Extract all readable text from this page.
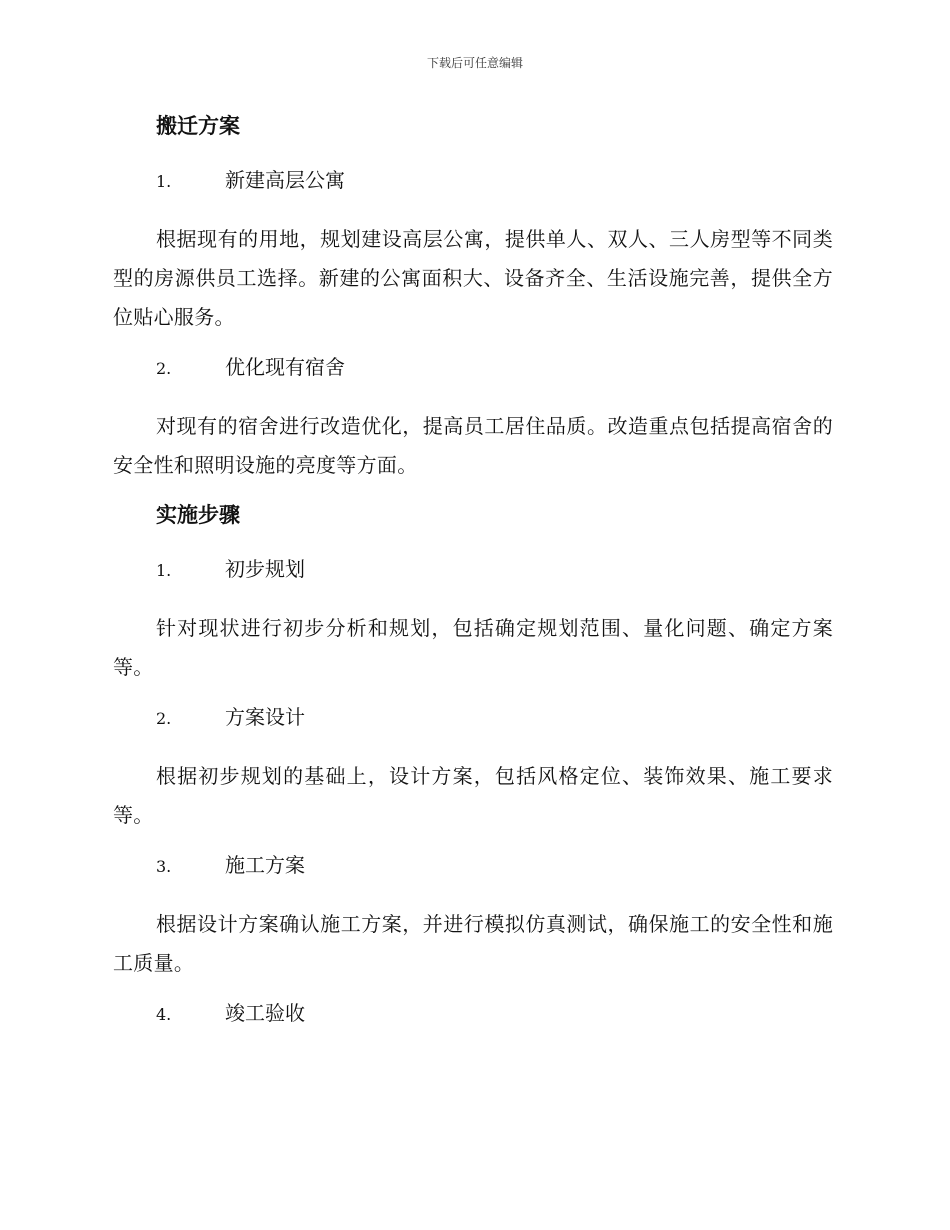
下载后可任意编辑
搬迁方案
1.	新建高层公寓

根据现有的用地，规划建设高层公寓，提供单人、双人、三人房型等不同类型的房源供员工选择。新建的公寓面积大、设备齐全、生活设施完善，提供全方位贴心服务。

2.	优化现有宿舍

对现有的宿舍进行改造优化，提高员工居住品质。改造重点包括提高宿舍的安全性和照明设施的亮度等方面。

实施步骤
1.	初步规划

针对现状进行初步分析和规划，包括确定规划范围、量化问题、确定方案等。

2.	方案设计

根据初步规划的基础上，设计方案，包括风格定位、装饰效果、施工要求等。

3.	施工方案

根据设计方案确认施工方案，并进行模拟仿真测试，确保施工的安全性和施工质量。

4.	竣工验收
